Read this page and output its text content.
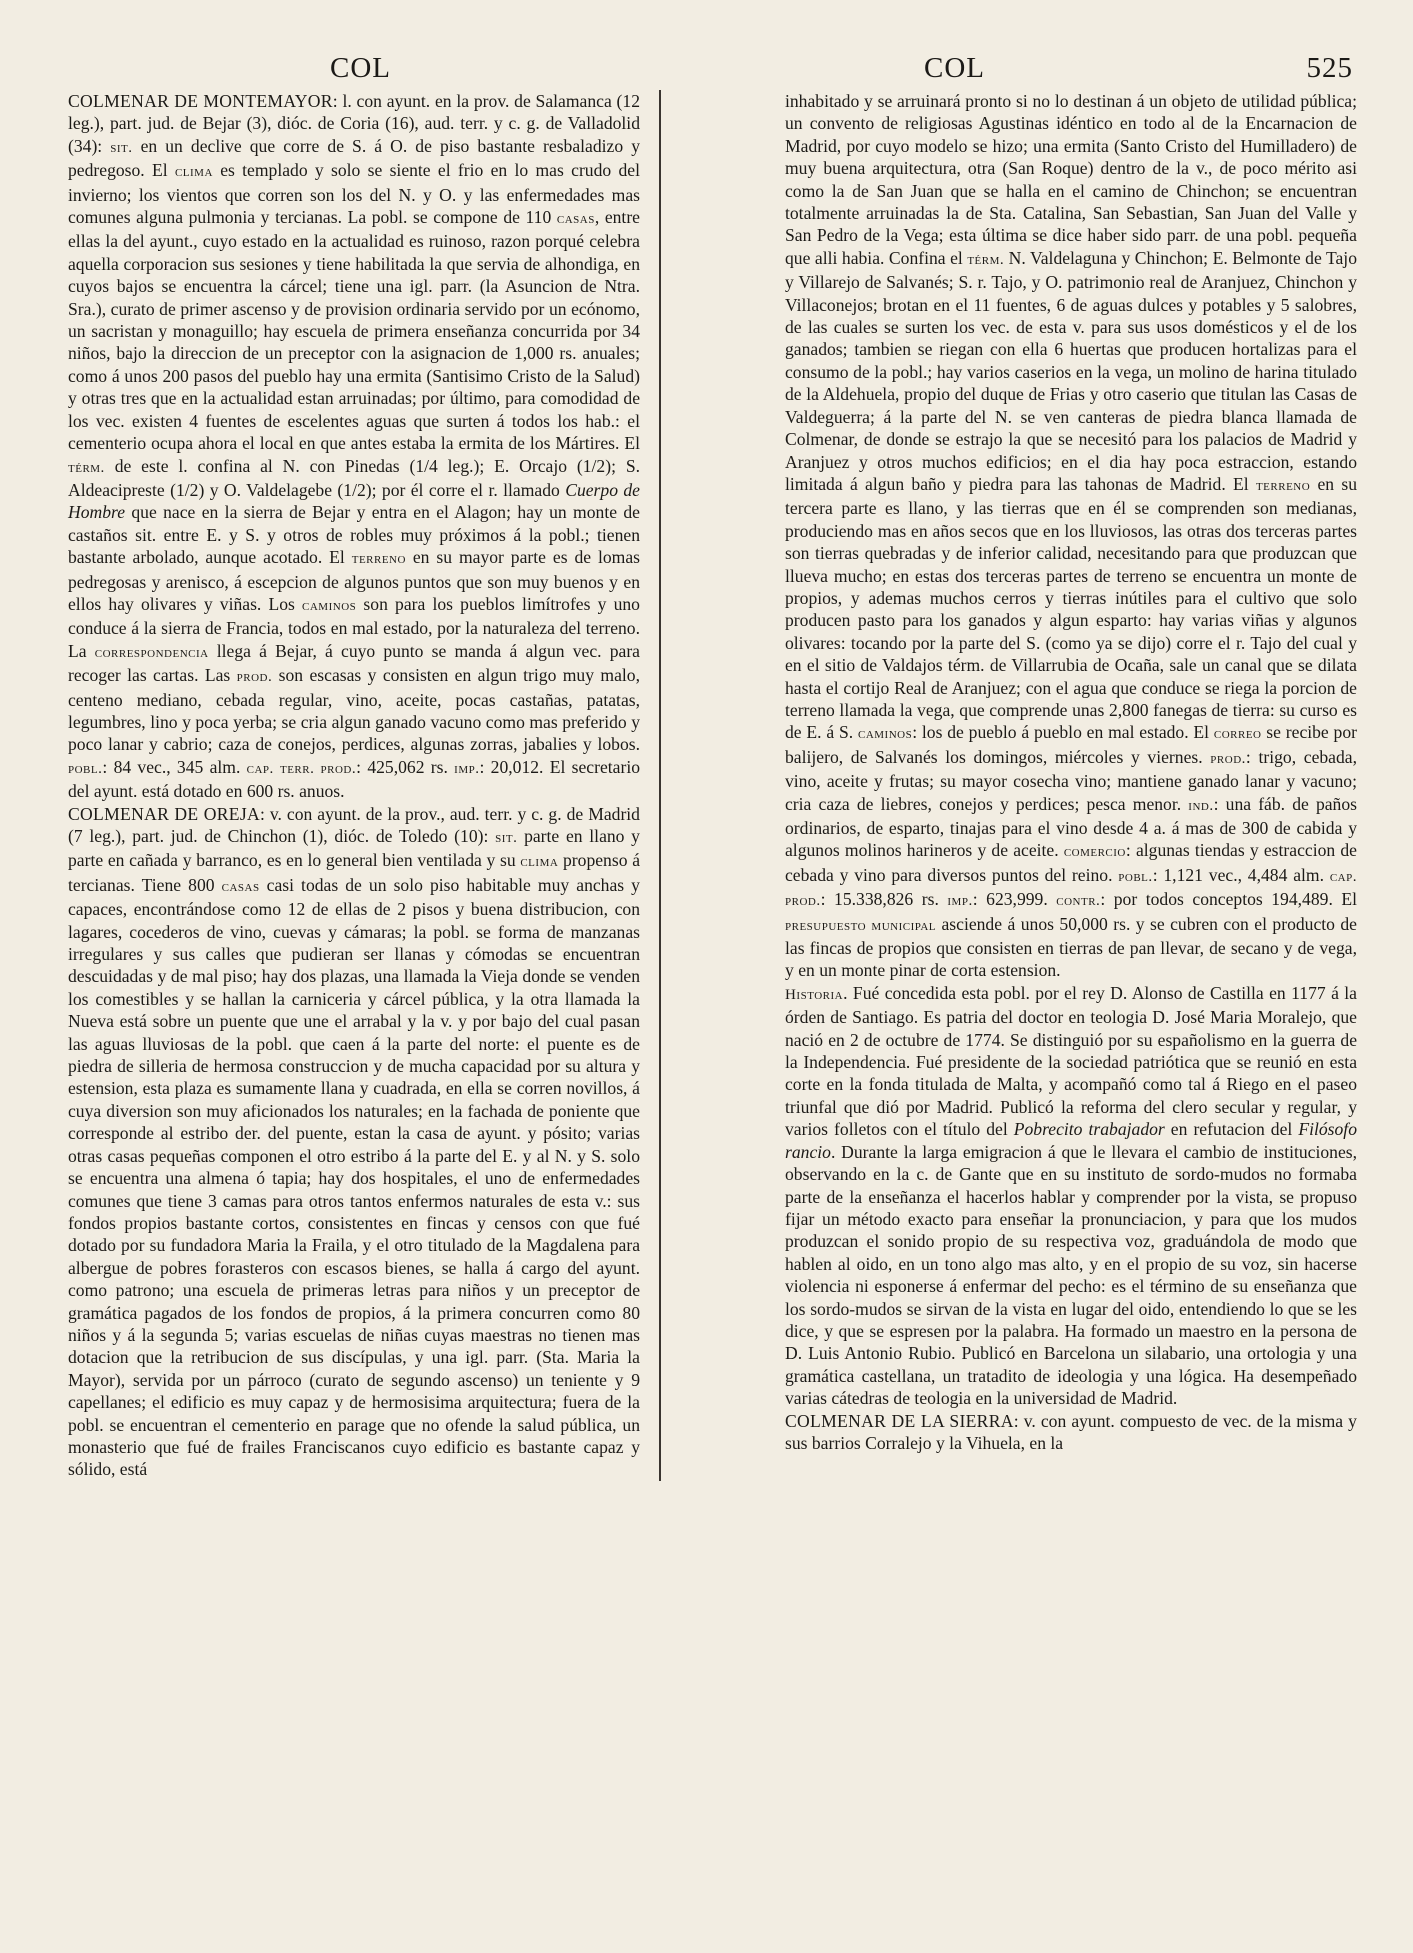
COL	COL	525

COLMENAR DE MONTEMAYOR: l. con ayunt. en la prov. de Salamanca (12 leg.), part. jud. de Bejar (3), dióc. de Coria (16), aud. terr. y c. g. de Valladolid (34): sit. en un declive que corre de S. á O. de piso bastante resbaladizo y pedregoso. El clima es templado y solo se siente el frio en lo mas crudo del invierno; los vientos que corren son los del N. y O. y las enfermedades mas comunes alguna pulmonia y tercianas. La pobl. se compone de 110 casas, entre ellas la del ayunt., cuyo estado en la actualidad es ruinoso, razon porqué celebra aquella corporacion sus sesiones y tiene habilitada la que servia de alhondiga, en cuyos bajos se encuentra la cárcel; tiene una igl. parr. (la Asuncion de Ntra. Sra.), curato de primer ascenso y de provision ordinaria servido por un ecónomo, un sacristan y monaguillo; hay escuela de primera enseñanza concurrida por 34 niños, bajo la direccion de un preceptor con la asignacion de 1,000 rs. anuales; como á unos 200 pasos del pueblo hay una ermita (Santisimo Cristo de la Salud) y otras tres que en la actualidad estan arruinadas; por último, para comodidad de los vec. existen 4 fuentes de escelentes aguas que surten á todos los hab.: el cementerio ocupa ahora el local en que antes estaba la ermita de los Mártires. El térm. de este l. confina al N. con Pinedas (1/4 leg.); E. Orcajo (1/2); S. Aldeacipreste (1/2) y O. Valdelagebe (1/2); por él corre el r. llamado Cuerpo de Hombre que nace en la sierra de Bejar y entra en el Alagon; hay un monte de castaños sit. entre E. y S. y otros de robles muy próximos á la pobl.; tienen bastante arbolado, aunque acotado. El terreno en su mayor parte es de lomas pedregosas y arenisco, á escepcion de algunos puntos que son muy buenos y en ellos hay olivares y viñas. Los caminos son para los pueblos limítrofes y uno conduce á la sierra de Francia, todos en mal estado, por la naturaleza del terreno. La correspondencia llega á Bejar, á cuyo punto se manda á algun vec. para recoger las cartas. Las prod. son escasas y consisten en algun trigo muy malo, centeno mediano, cebada regular, vino, aceite, pocas castañas, patatas, legumbres, lino y poca yerba; se cria algun ganado vacuno como mas preferido y poco lanar y cabrio; caza de conejos, perdices, algunas zorras, jabalies y lobos. pobl.: 84 vec., 345 alm. cap. terr. prod.: 425,062 rs. imp.: 20,012. El secretario del ayunt. está dotado en 600 rs. anuos.

COLMENAR DE OREJA: v. con ayunt. de la prov., aud. terr. y c. g. de Madrid (7 leg.), part. jud. de Chinchon (1), dióc. de Toledo (10): sit. parte en llano y parte en cañada y barranco, es en lo general bien ventilada y su clima propenso á tercianas. Tiene 800 casas casi todas de un solo piso habitable muy anchas y capaces, encontrándose como 12 de ellas de 2 pisos y buena distribucion, con lagares, cocederos de vino, cuevas y cámaras; la pobl. se forma de manzanas irregulares y sus calles que pudieran ser llanas y cómodas se encuentran descuidadas y de mal piso; hay dos plazas, una llamada la Vieja donde se venden los comestibles y se hallan la carniceria y cárcel pública, y la otra llamada la Nueva está sobre un puente que une el arrabal y la v. y por bajo del cual pasan las aguas lluviosas de la pobl. que caen á la parte del norte: el puente es de piedra de silleria de hermosa construccion y de mucha capacidad por su altura y estension, esta plaza es sumamente llana y cuadrada, en ella se corren novillos, á cuya diversion son muy aficionados los naturales; en la fachada de poniente que corresponde al estribo der. del puente, estan la casa de ayunt. y pósito; varias otras casas pequeñas componen el otro estribo á la parte del E. y al N. y S. solo se encuentra una almena ó tapia; hay dos hospitales, el uno de enfermedades comunes que tiene 3 camas para otros tantos enfermos naturales de esta v.: sus fondos propios bastante cortos, consistentes en fincas y censos con que fué dotado por su fundadora Maria la Fraila, y el otro titulado de la Magdalena para albergue de pobres forasteros con escasos bienes, se halla á cargo del ayunt. como patrono; una escuela de primeras letras para niños y un preceptor de gramática pagados de los fondos de propios, á la primera concurren como 80 niños y á la segunda 5; varias escuelas de niñas cuyas maestras no tienen mas dotacion que la retribucion de sus discípulas, y una igl. parr. (Sta. Maria la Mayor), servida por un párroco (curato de segundo ascenso) un teniente y 9 capellanes; el edificio es muy capaz y de hermosisima arquitectura; fuera de la pobl. se encuentran el cementerio en parage que no ofende la salud pública, un monasterio que fué de frailes Franciscanos cuyo edificio es bastante capaz y sólido, está

inhabitado y se arruinará pronto si no lo destinan á un objeto de utilidad pública; un convento de religiosas Agustinas idéntico en todo al de la Encarnacion de Madrid, por cuyo modelo se hizo; una ermita (Santo Cristo del Humilladero) de muy buena arquitectura, otra (San Roque) dentro de la v., de poco mérito asi como la de San Juan que se halla en el camino de Chinchon; se encuentran totalmente arruinadas la de Sta. Catalina, San Sebastian, San Juan del Valle y San Pedro de la Vega; esta última se dice haber sido parr. de una pobl. pequeña que alli habia. Confina el térm. N. Valdelaguna y Chinchon; E. Belmonte de Tajo y Villarejo de Salvanés; S. r. Tajo, y O. patrimonio real de Aranjuez, Chinchon y Villaconejos; brotan en el 11 fuentes, 6 de aguas dulces y potables y 5 salobres, de las cuales se surten los vec. de esta v. para sus usos domésticos y el de los ganados; tambien se riegan con ella 6 huertas que producen hortalizas para el consumo de la pobl.; hay varios caserios en la vega, un molino de harina titulado de la Aldehuela, propio del duque de Frias y otro caserio que titulan las Casas de Valdeguerra; á la parte del N. se ven canteras de piedra blanca llamada de Colmenar, de donde se estrajo la que se necesitó para los palacios de Madrid y Aranjuez y otros muchos edificios; en el dia hay poca estraccion, estando limitada á algun baño y piedra para las tahonas de Madrid. El terreno en su tercera parte es llano, y las tierras que en él se comprenden son medianas, produciendo mas en años secos que en los lluviosos, las otras dos terceras partes son tierras quebradas y de inferior calidad, necesitando para que produzcan que llueva mucho; en estas dos terceras partes de terreno se encuentra un monte de propios, y ademas muchos cerros y tierras inútiles para el cultivo que solo producen pasto para los ganados y algun esparto: hay varias viñas y algunos olivares: tocando por la parte del S. (como ya se dijo) corre el r. Tajo del cual y en el sitio de Valdajos térm. de Villarrubia de Ocaña, sale un canal que se dilata hasta el cortijo Real de Aranjuez; con el agua que conduce se riega la porcion de terreno llamada la vega, que comprende unas 2,800 fanegas de tierra: su curso es de E. á S. caminos: los de pueblo á pueblo en mal estado. El correo se recibe por balijero, de Salvanés los domingos, miércoles y viernes. prod.: trigo, cebada, vino, aceite y frutas; su mayor cosecha vino; mantiene ganado lanar y vacuno; cria caza de liebres, conejos y perdices; pesca menor. ind.: una fáb. de paños ordinarios, de esparto, tinajas para el vino desde 4 a. á mas de 300 de cabida y algunos molinos harineros y de aceite. comercio: algunas tiendas y estraccion de cebada y vino para diversos puntos del reino. pobl.: 1,121 vec., 4,484 alm. cap. prod.: 15.338,826 rs. imp.: 623,999. contr.: por todos conceptos 194,489. El presupuesto municipal asciende á unos 50,000 rs. y se cubren con el producto de las fincas de propios que consisten en tierras de pan llevar, de secano y de vega, y en un monte pinar de corta estension.

Historia. Fué concedida esta pobl. por el rey D. Alonso de Castilla en 1177 á la órden de Santiago. Es patria del doctor en teologia D. José Maria Moralejo, que nació en 2 de octubre de 1774. Se distinguió por su españolismo en la guerra de la Independencia. Fué presidente de la sociedad patriótica que se reunió en esta corte en la fonda titulada de Malta, y acompañó como tal á Riego en el paseo triunfal que dió por Madrid. Publicó la reforma del clero secular y regular, y varios folletos con el título del Pobrecito trabajador en refutacion del Filósofo rancio. Durante la larga emigracion á que le llevara el cambio de instituciones, observando en la c. de Gante que en su instituto de sordo-mudos no formaba parte de la enseñanza el hacerlos hablar y comprender por la vista, se propuso fijar un método exacto para enseñar la pronunciacion, y para que los mudos produzcan el sonido propio de su respectiva voz, graduándola de modo que hablen al oido, en un tono algo mas alto, y en el propio de su voz, sin hacerse violencia ni esponerse á enfermar del pecho: es el término de su enseñanza que los sordo-mudos se sirvan de la vista en lugar del oido, entendiendo lo que se les dice, y que se espresen por la palabra. Ha formado un maestro en la persona de D. Luis Antonio Rubio. Publicó en Barcelona un silabario, una ortologia y una gramática castellana, un tratadito de ideologia y una lógica. Ha desempeñado varias cátedras de teologia en la universidad de Madrid.

COLMENAR DE LA SIERRA: v. con ayunt. compuesto de vec. de la misma y sus barrios Corralejo y la Vihuela, en la
